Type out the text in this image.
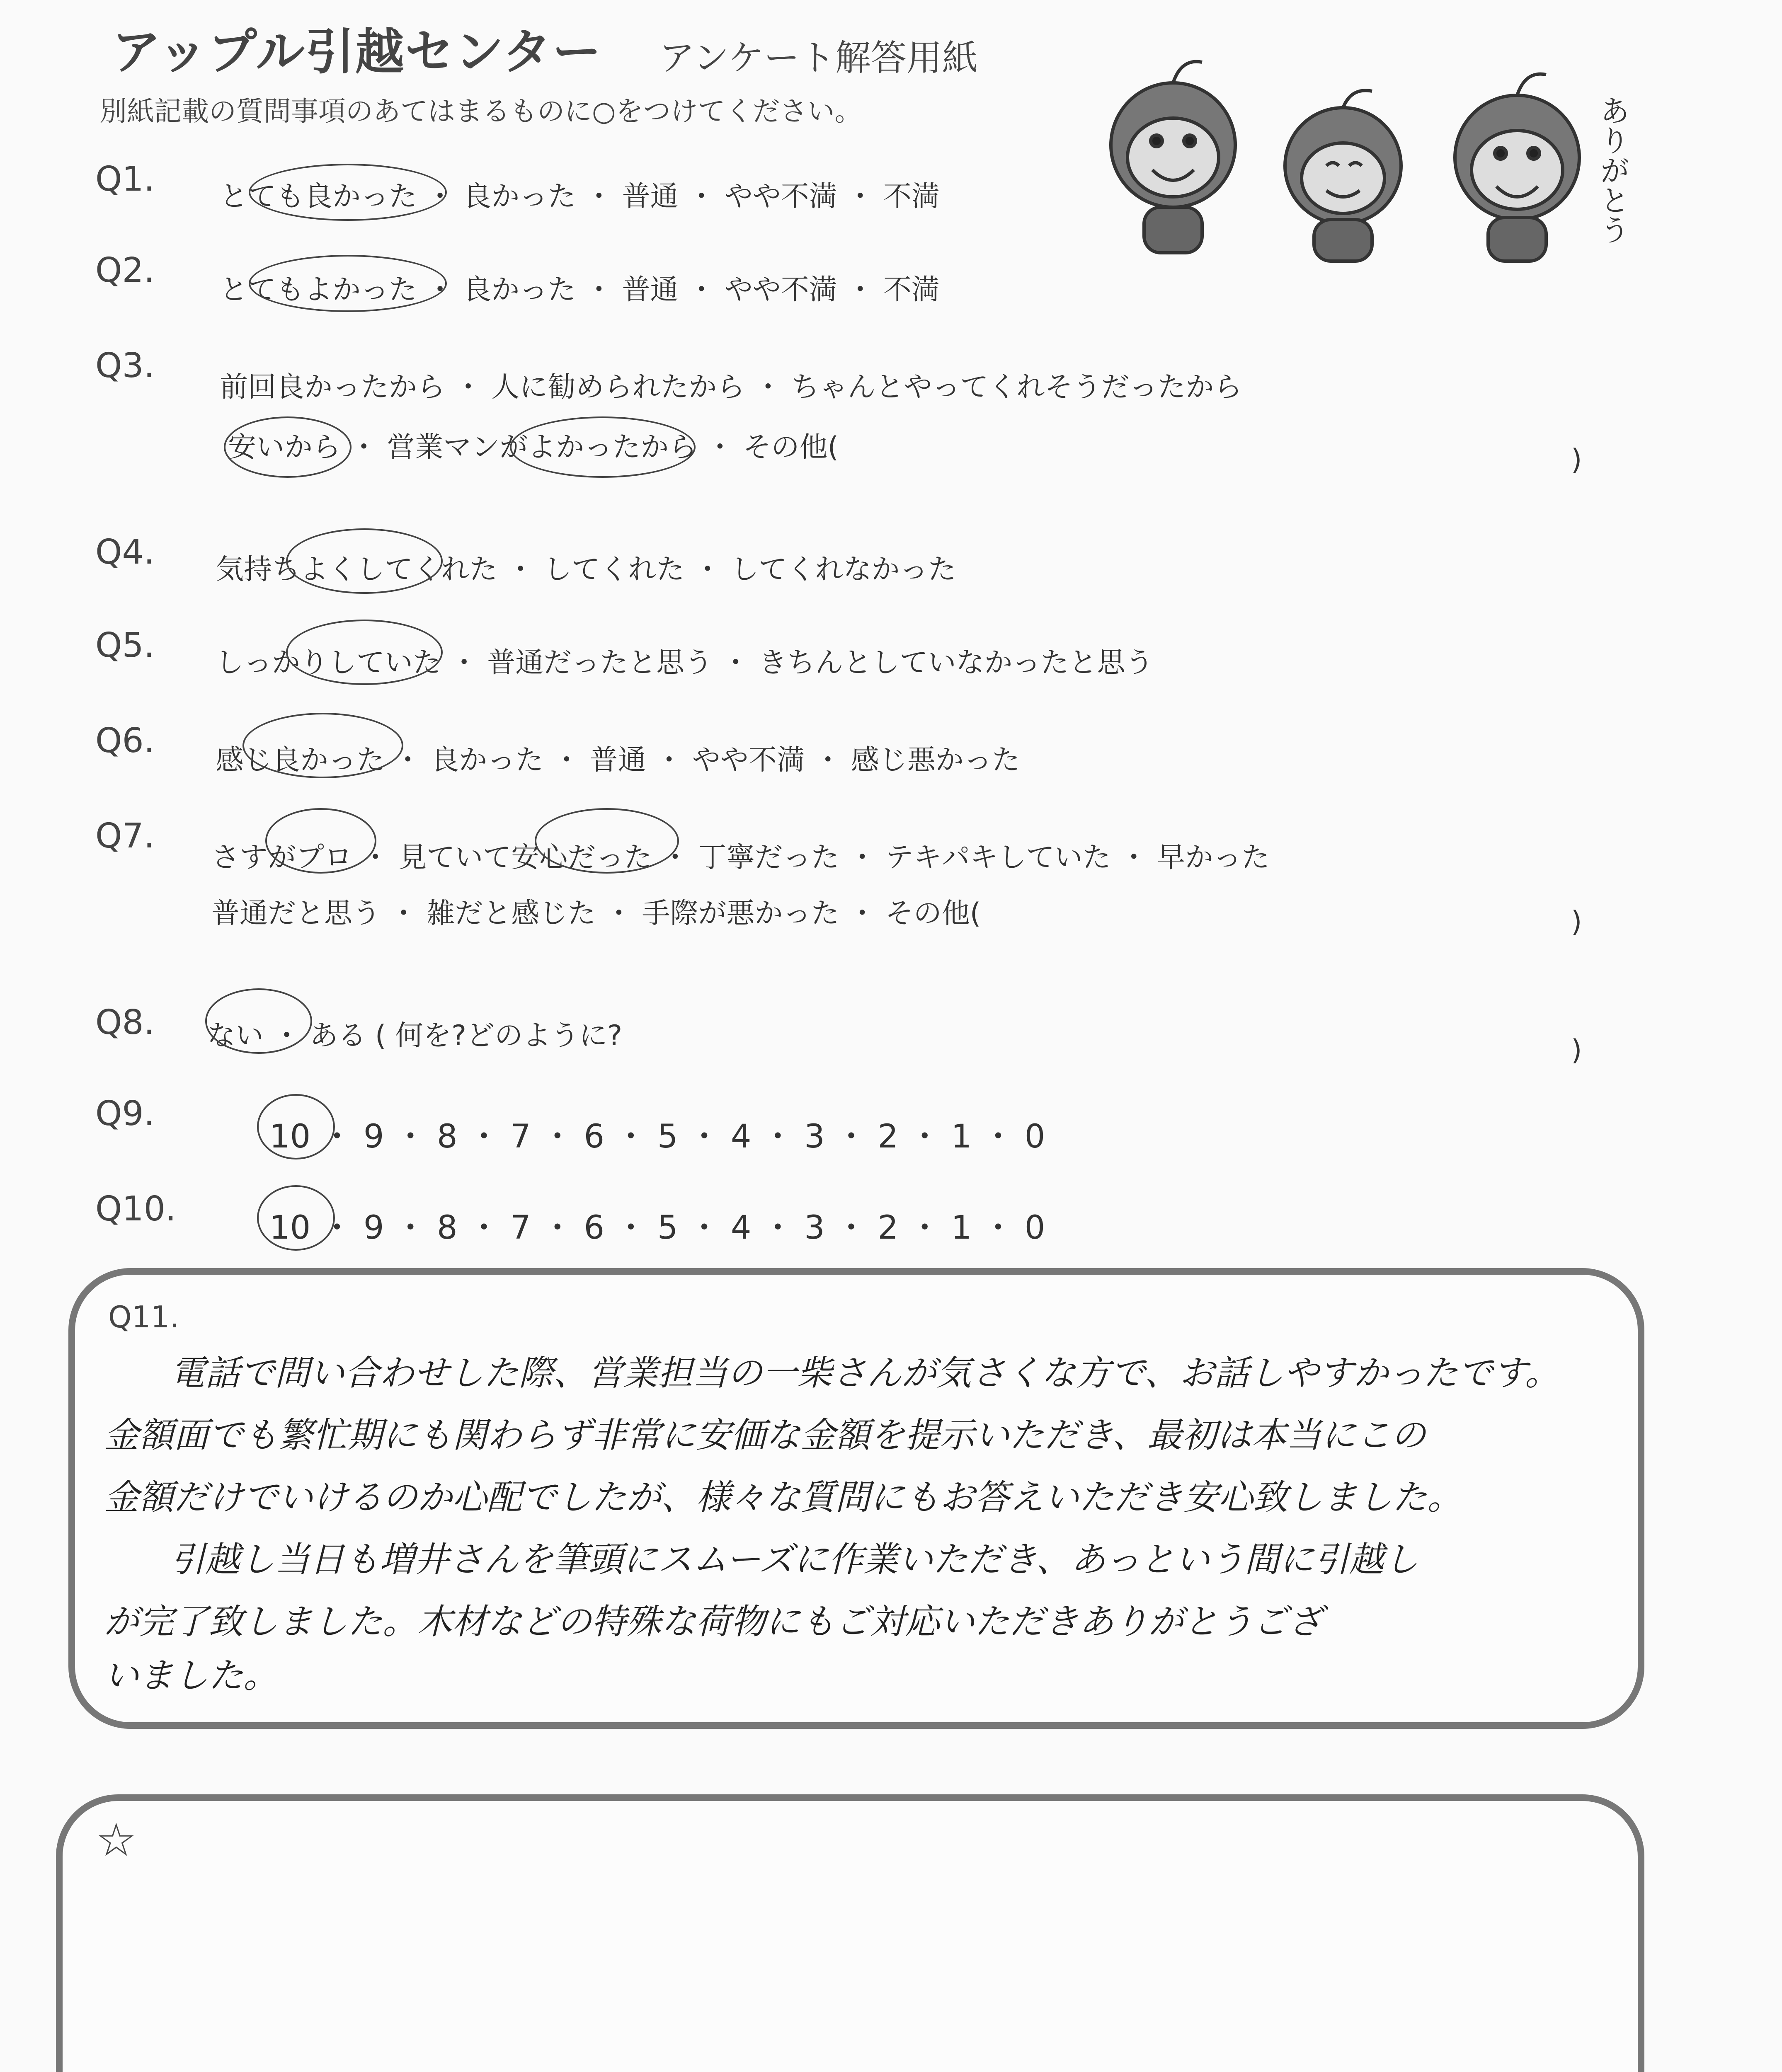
アップル引越センター アンケート解答用紙
別紙記載の質問事項のあてはまるものに○をつけてください。	ありがとう
Q1. とても良かった ・ 良かった ・ 普通 ・ やや不満 ・ 不満
Q2. とてもよかった ・ 良かった ・ 普通 ・ やや不満 ・ 不満
Q3.
前回良かったから ・ 人に勧められたから ・ ちゃんとやってくれそうだったから
安いから ・ 営業マンがよかったから ・ その他(	)
Q4. 気持ちよくしてくれた ・ してくれた ・ してくれなかった
Q5. しっかりしていた ・ 普通だったと思う ・ きちんとしていなかったと思う
Q6. 感じ良かった ・ 良かった ・ 普通 ・ やや不満 ・ 感じ悪かった
Q7.
さすがプロ ・ 見ていて安心だった ・ 丁寧だった ・ テキパキしていた ・ 早かった
普通だと思う ・ 雑だと感じた ・ 手際が悪かった ・ その他(	)
Q8. ない ・ ある ( 何を?どのように?	)
Q9.
10 ・ 9 ・ 8 ・ 7 ・ 6 ・ 5 ・ 4 ・ 3 ・ 2 ・ 1 ・ 0
Q10.	10 ・ 9 ・ 8 ・ 7 ・ 6 ・ 5 ・ 4 ・ 3 ・ 2 ・ 1 ・ 0
Q11.
電話で問い合わせした際、営業担当の一柴さんが気さくな方で、お話しやすかったです。
金額面でも繁忙期にも関わらず非常に安価な金額を提示いただき、最初は本当にこの
金額だけでいけるのか心配でしたが、様々な質問にもお答えいただき安心致しました。
引越し当日も増井さんを筆頭にスムーズに作業いただき、あっという間に引越し
が完了致しました。木材などの特殊な荷物にもご対応いただきありがとうござ
いました。
☆
